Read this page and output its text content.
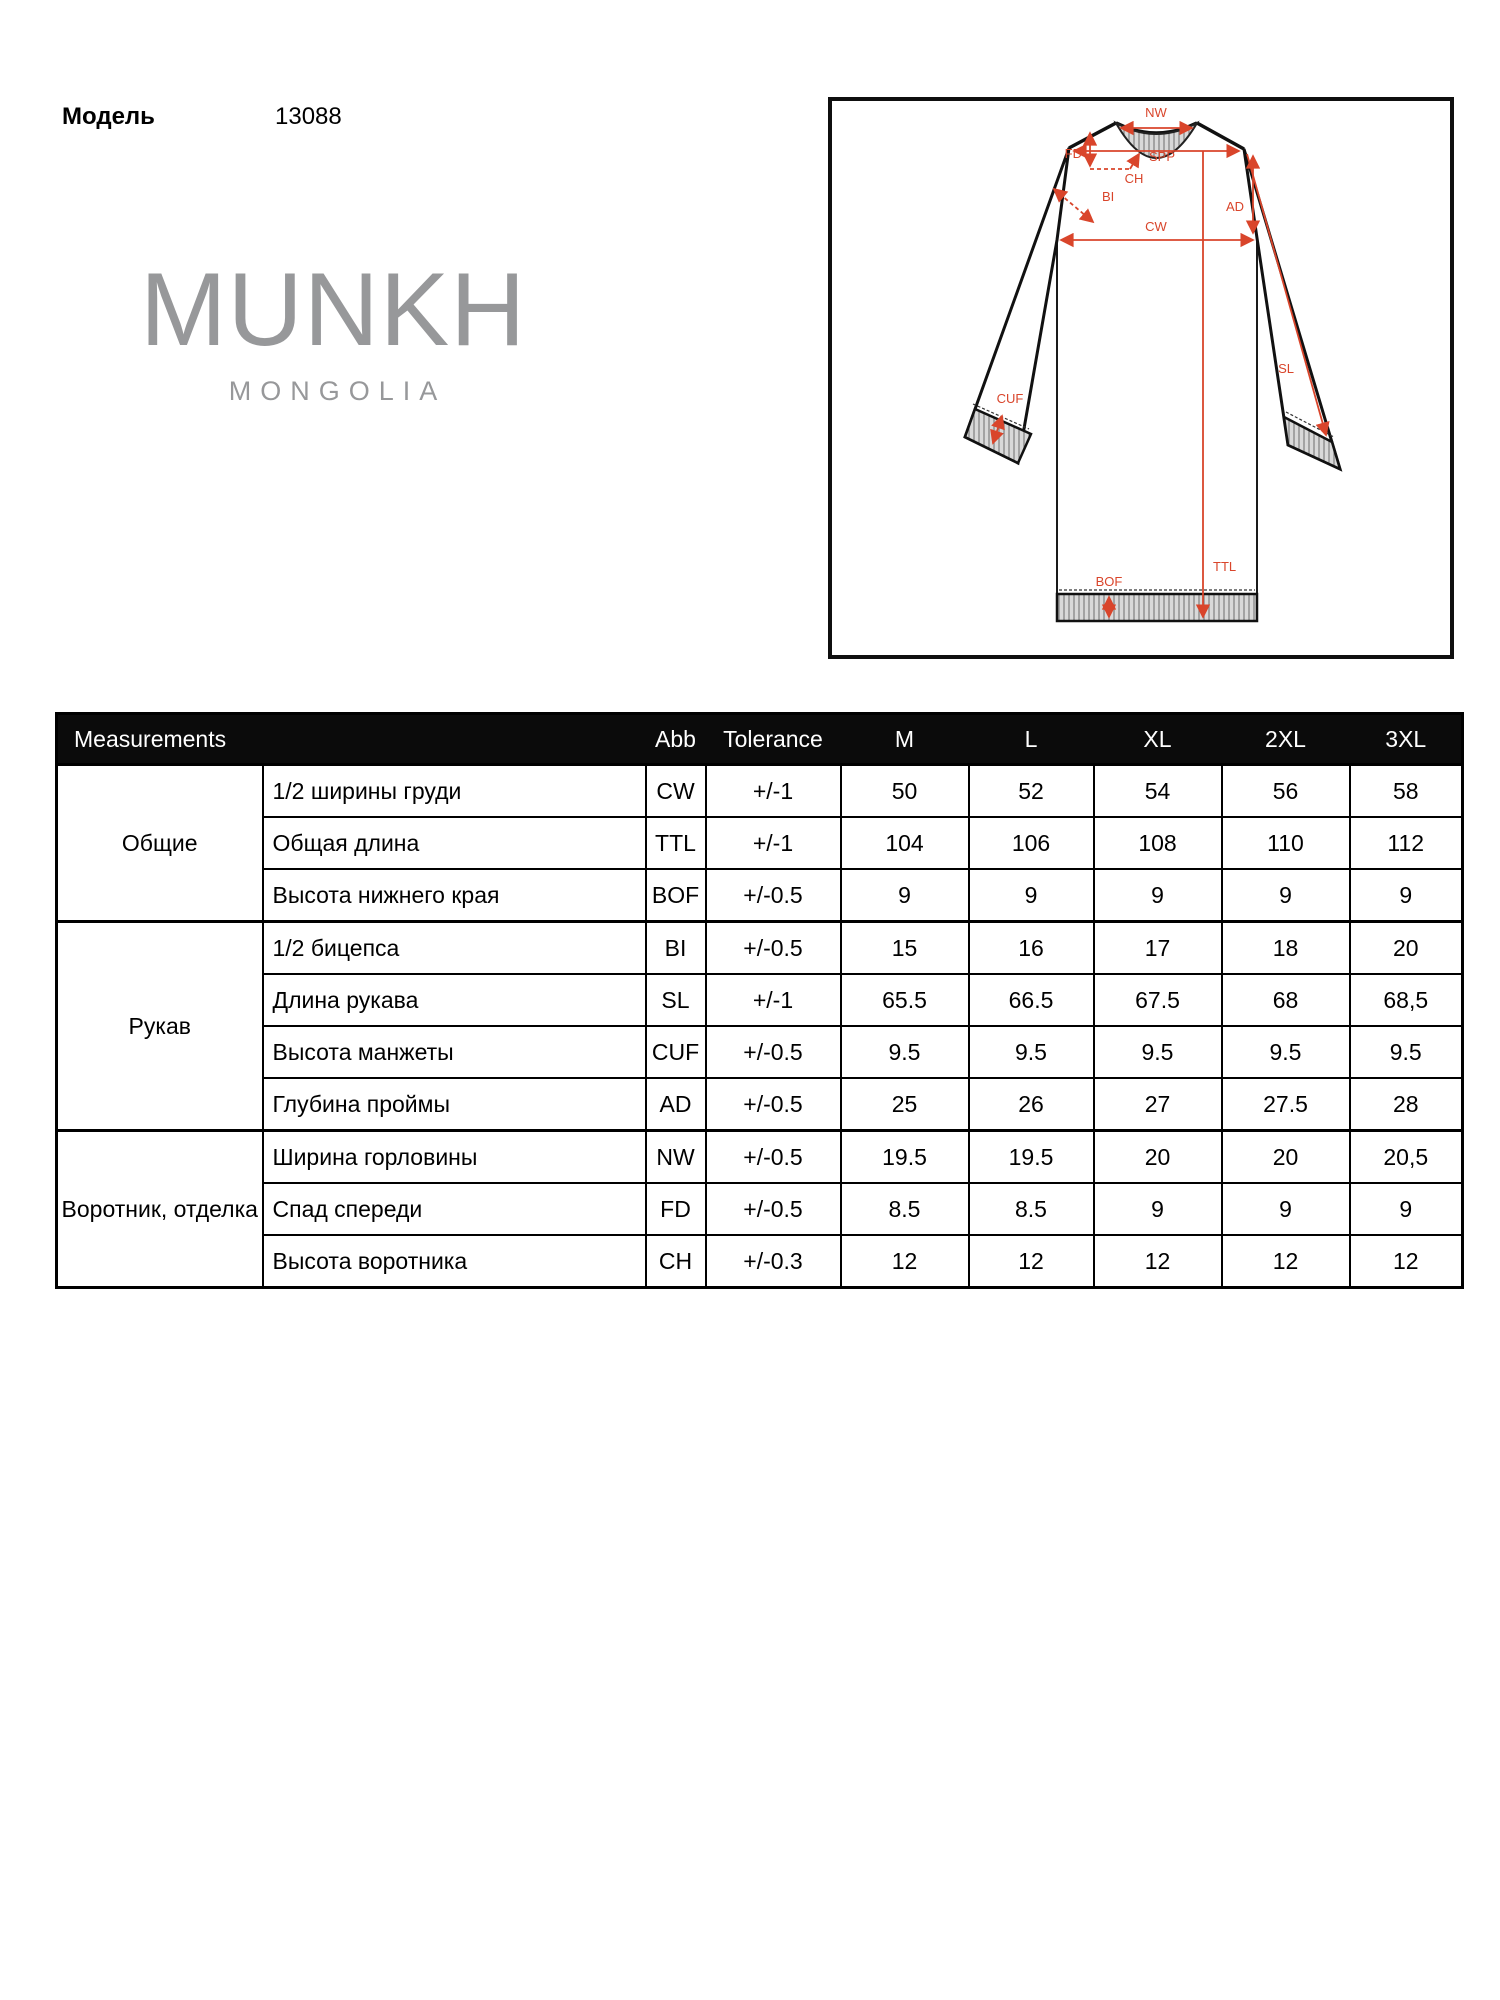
Модель	13088
MUNKH
MONGOLIA
NW
SPP
FD
CH
BI
CW
AD
SL
TTL
CUF
BOF
Measurements		Abb	Tolerance	M	L	XL	2XL	3XL
Общие	1/2 ширины груди	CW	+/-1	50	52	54	56	58
	Общая длина	TTL	+/-1	104	106	108	110	112
	Высота нижнего края	BOF	+/-0.5	9	9	9	9	9
Рукав	1/2 бицепса	BI	+/-0.5	15	16	17	18	20
	Длина рукава	SL	+/-1	65.5	66.5	67.5	68	68,5
	Высота манжеты	CUF	+/-0.5	9.5	9.5	9.5	9.5	9.5
	Глубина проймы	AD	+/-0.5	25	26	27	27.5	28
Воротник, отделка	Ширина горловины	NW	+/-0.5	19.5	19.5	20	20	20,5
	Спад спереди	FD	+/-0.5	8.5	8.5	9	9	9
	Высота воротника	CH	+/-0.3	12	12	12	12	12
